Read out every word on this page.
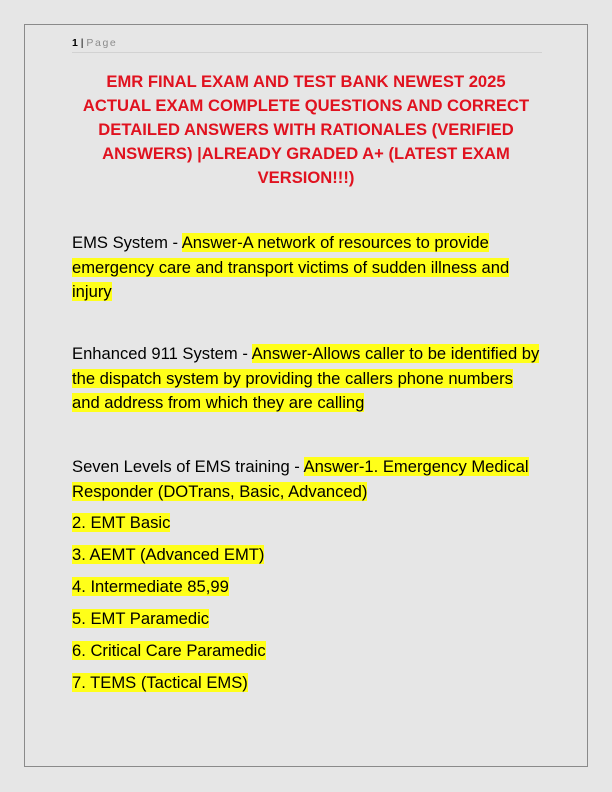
1 | Page
EMR FINAL EXAM AND TEST BANK NEWEST 2025 ACTUAL EXAM COMPLETE QUESTIONS AND CORRECT DETAILED ANSWERS WITH RATIONALES (VERIFIED ANSWERS) |ALREADY GRADED A+ (LATEST EXAM VERSION!!!)

EMS System - Answer-A network of resources to provide emergency care and transport victims of sudden illness and injury

Enhanced 911 System - Answer-Allows caller to be identified by the dispatch system by providing the callers phone numbers and address from which they are calling

Seven Levels of EMS training - Answer-1. Emergency Medical Responder (DOTrans, Basic, Advanced)

2. EMT Basic

3. AEMT (Advanced EMT)

4. Intermediate 85,99

5. EMT Paramedic

6. Critical Care Paramedic

7. TEMS (Tactical EMS)
